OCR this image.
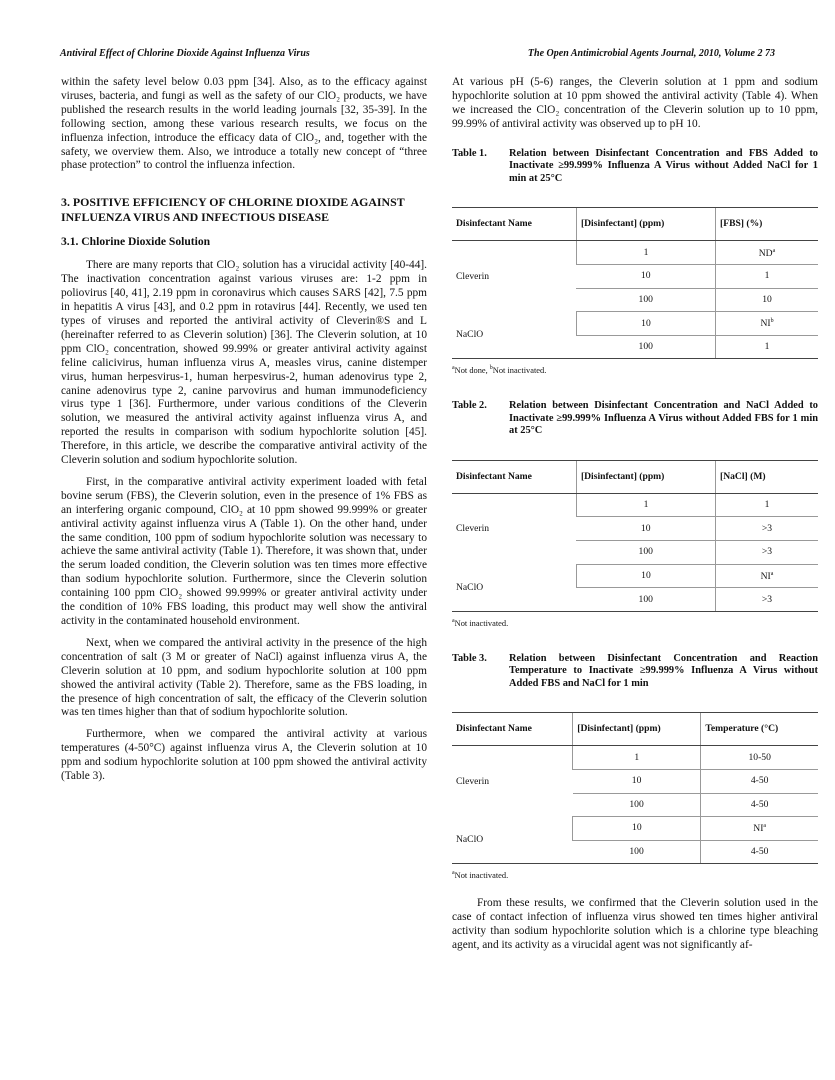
Antiviral Effect of Chlorine Dioxide Against Influenza Virus	The Open Antimicrobial Agents Journal, 2010, Volume 2 73

within the safety level below 0.03 ppm [34]. Also, as to the efficacy against viruses, bacteria, and fungi as well as the safety of our ClO₂ products, we have published the research results in the world leading journals [32, 35-39]. In the following section, among these various research results, we focus on the influenza infection, introduce the efficacy data of ClO₂, and, together with the safety, we overview them. Also, we introduce a totally new concept of “three phase protection” to control the influenza infection.

3. POSITIVE EFFICIENCY OF CHLORINE DIOXIDE AGAINST INFLUENZA VIRUS AND INFECTIOUS DISEASE
3.1. Chlorine Dioxide Solution

There are many reports that ClO₂ solution has a virucidal activity [40-44]. The inactivation concentration against various viruses are: 1-2 ppm in poliovirus [40, 41], 2.19 ppm in coronavirus which causes SARS [42], 7.5 ppm in hepatitis A virus [43], and 0.2 ppm in rotavirus [44]. Recently, we used ten types of viruses and reported the antiviral activity of Cleverin®S and L (hereinafter referred to as Cleverin solution) [36]. The Cleverin solution, at 10 ppm ClO₂ concentration, showed 99.99% or greater antiviral activity against feline calicivirus, human influenza virus A, measles virus, canine distemper virus, human herpesvirus-1, human herpesvirus-2, human adenovirus type 2, canine adenovirus type 2, canine parvovirus and human immunodeficiency virus type 1 [36]. Furthermore, under various conditions of the Cleverin solution, we measured the antiviral activity against influenza virus A, and reported the results in comparison with sodium hypochlorite solution [45]. Therefore, in this article, we describe the comparative antiviral activity of the Cleverin solution and sodium hypochlorite solution.

First, in the comparative antiviral activity experiment loaded with fetal bovine serum (FBS), the Cleverin solution, even in the presence of 1% FBS as an interfering organic compound, ClO₂ at 10 ppm showed 99.999% or greater antiviral activity against influenza virus A (Table 1). On the other hand, under the same condition, 100 ppm of sodium hypochlorite solution was necessary to achieve the same antiviral activity (Table 1). Therefore, it was shown that, under the serum loaded condition, the Cleverin solution was ten times more effective than sodium hypochlorite solution. Furthermore, since the Cleverin solution containing 100 ppm ClO₂ showed 99.999% or greater antiviral activity under the condition of 10% FBS loading, this product may well show the antiviral activity in the contaminated household environment.

Next, when we compared the antiviral activity in the presence of the high concentration of salt (3 M or greater of NaCl) against influenza virus A, the Cleverin solution at 10 ppm, and sodium hypochlorite solution at 100 ppm showed the antiviral activity (Table 2). Therefore, same as the FBS loading, in the presence of high concentration of salt, the efficacy of the Cleverin solution was ten times higher than that of sodium hypochlorite solution.

Furthermore, when we compared the antiviral activity at various temperatures (4-50°C) against influenza virus A, the Cleverin solution at 10 ppm and sodium hypochlorite solution at 100 ppm showed the antiviral activity (Table 3).

At various pH (5-6) ranges, the Cleverin solution at 1 ppm and sodium hypochlorite solution at 10 ppm showed the antiviral activity (Table 4). When we increased the ClO₂ concentration of the Cleverin solution up to 10 ppm, 99.99% of antiviral activity was observed up to pH 10.

Table 1.	Relation between Disinfectant Concentration and FBS Added to Inactivate ≥99.999% Influenza A Virus without Added NaCl for 1 min at 25°C
Disinfectant Name	[Disinfectant] (ppm)	[FBS] (%)
Cleverin	1	$ND^a$
	10	1
	100	10
NaClO	10	$NI^b$
	100	1
$^a$Not done, $^b$Not inactivated.
Table 2.	Relation between Disinfectant Concentration and NaCl Added to Inactivate ≥99.999% Influenza A Virus without Added FBS for 1 min at 25°C
Disinfectant Name	[Disinfectant] (ppm)	[NaCl] (M)
Cleverin	1	1
	10	>3
	100	>3
NaClO	10	$NI^a$
	100	>3
$^a$Not inactivated.
Table 3.	Relation between Disinfectant Concentration and Reaction Temperature to Inactivate ≥99.999% Influenza A Virus without Added FBS and NaCl for 1 min
Disinfectant Name	[Disinfectant] (ppm)	Temperature (°C)
Cleverin	1	10-50
	10	4-50
	100	4-50
NaClO	10	$NI^a$
	100	4-50
$^a$Not inactivated.

From these results, we confirmed that the Cleverin solution used in the case of contact infection of influenza virus showed ten times higher antiviral activity than sodium hypochlorite solution which is a chlorine type bleaching agent, and its activity as a virucidal agent was not significantly af-
